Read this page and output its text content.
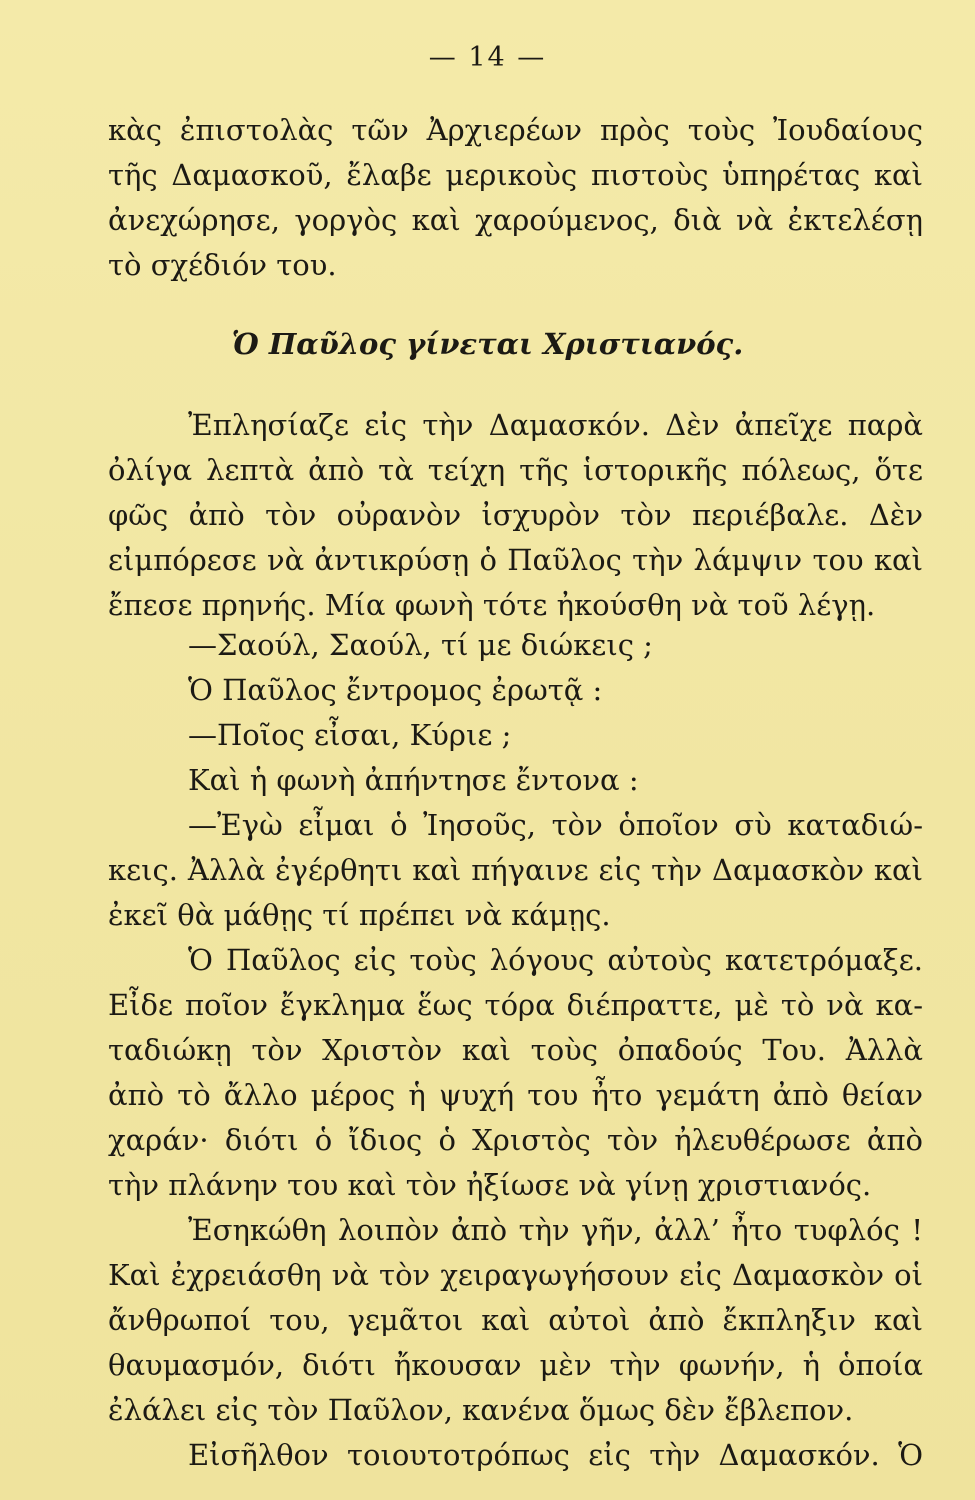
— 14 —
κὰς ἐπιστολὰς τῶν Ἀρχιερέων πρὸς τοὺς Ἰουδαίους
τῆς Δαμασκοῦ, ἔλαβε μερικοὺς πιστοὺς ὑπηρέτας καὶ
ἀνεχώρησε, γοργὸς καὶ χαρούμενος, διὰ νὰ ἐκτελέσῃ
τὸ σχέδιόν του.
Ὁ Παῦλος γίνεται Χριστιανός.
Ἐπλησίαζε εἰς τὴν Δαμασκόν. Δὲν ἀπεῖχε παρὰ
ὀλίγα λεπτὰ ἀπὸ τὰ τείχη τῆς ἱστορικῆς πόλεως, ὅτε
φῶς ἀπὸ τὸν οὐρανὸν ἰσχυρὸν τὸν περιέβαλε. Δὲν
εἰμπόρεσε νὰ ἀντικρύσῃ ὁ Παῦλος τὴν λάμψιν του καὶ
ἔπεσε πρηνής. Μία φωνὴ τότε ἠκούσθη νὰ τοῦ λέγῃ.
—Σαούλ, Σαούλ, τί με διώκεις ;
Ὁ Παῦλος ἔντρομος ἐρωτᾷ :
—Ποῖος εἶσαι, Κύριε ;
Καὶ ἡ φωνὴ ἀπήντησε ἔντονα :
—Ἐγὼ εἶμαι ὁ Ἰησοῦς, τὸν ὁποῖον σὺ καταδιώ-
κεις. Ἀλλὰ ἐγέρθητι καὶ πήγαινε εἰς τὴν Δαμασκὸν καὶ
ἐκεῖ θὰ μάθῃς τί πρέπει νὰ κάμῃς.
Ὁ Παῦλος εἰς τοὺς λόγους αὐτοὺς κατετρόμαξε.
Εἶδε ποῖον ἔγκλημα ἕως τόρα διέπραττε, μὲ τὸ νὰ κα-
ταδιώκῃ τὸν Χριστὸν καὶ τοὺς ὀπαδούς Του. Ἀλλὰ
ἀπὸ τὸ ἄλλο μέρος ἡ ψυχή του ἦτο γεμάτη ἀπὸ θείαν
χαράν· διότι ὁ ἴδιος ὁ Χριστὸς τὸν ἠλευθέρωσε ἀπὸ
τὴν πλάνην του καὶ τὸν ἠξίωσε νὰ γίνῃ χριστιανός.
Ἐσηκώθη λοιπὸν ἀπὸ τὴν γῆν, ἀλλ’ ἦτο τυφλός !
Καὶ ἐχρειάσθη νὰ τὸν χειραγωγήσουν εἰς Δαμασκὸν οἱ
ἄνθρωποί του, γεμᾶτοι καὶ αὐτοὶ ἀπὸ ἔκπληξιν καὶ
θαυμασμόν, διότι ἤκουσαν μὲν τὴν φωνήν, ἡ ὁποία
ἐλάλει εἰς τὸν Παῦλον, κανένα ὅμως δὲν ἔβλεπον.
Εἰσῆλθον τοιουτοτρόπως εἰς τὴν Δαμασκόν. Ὁ
